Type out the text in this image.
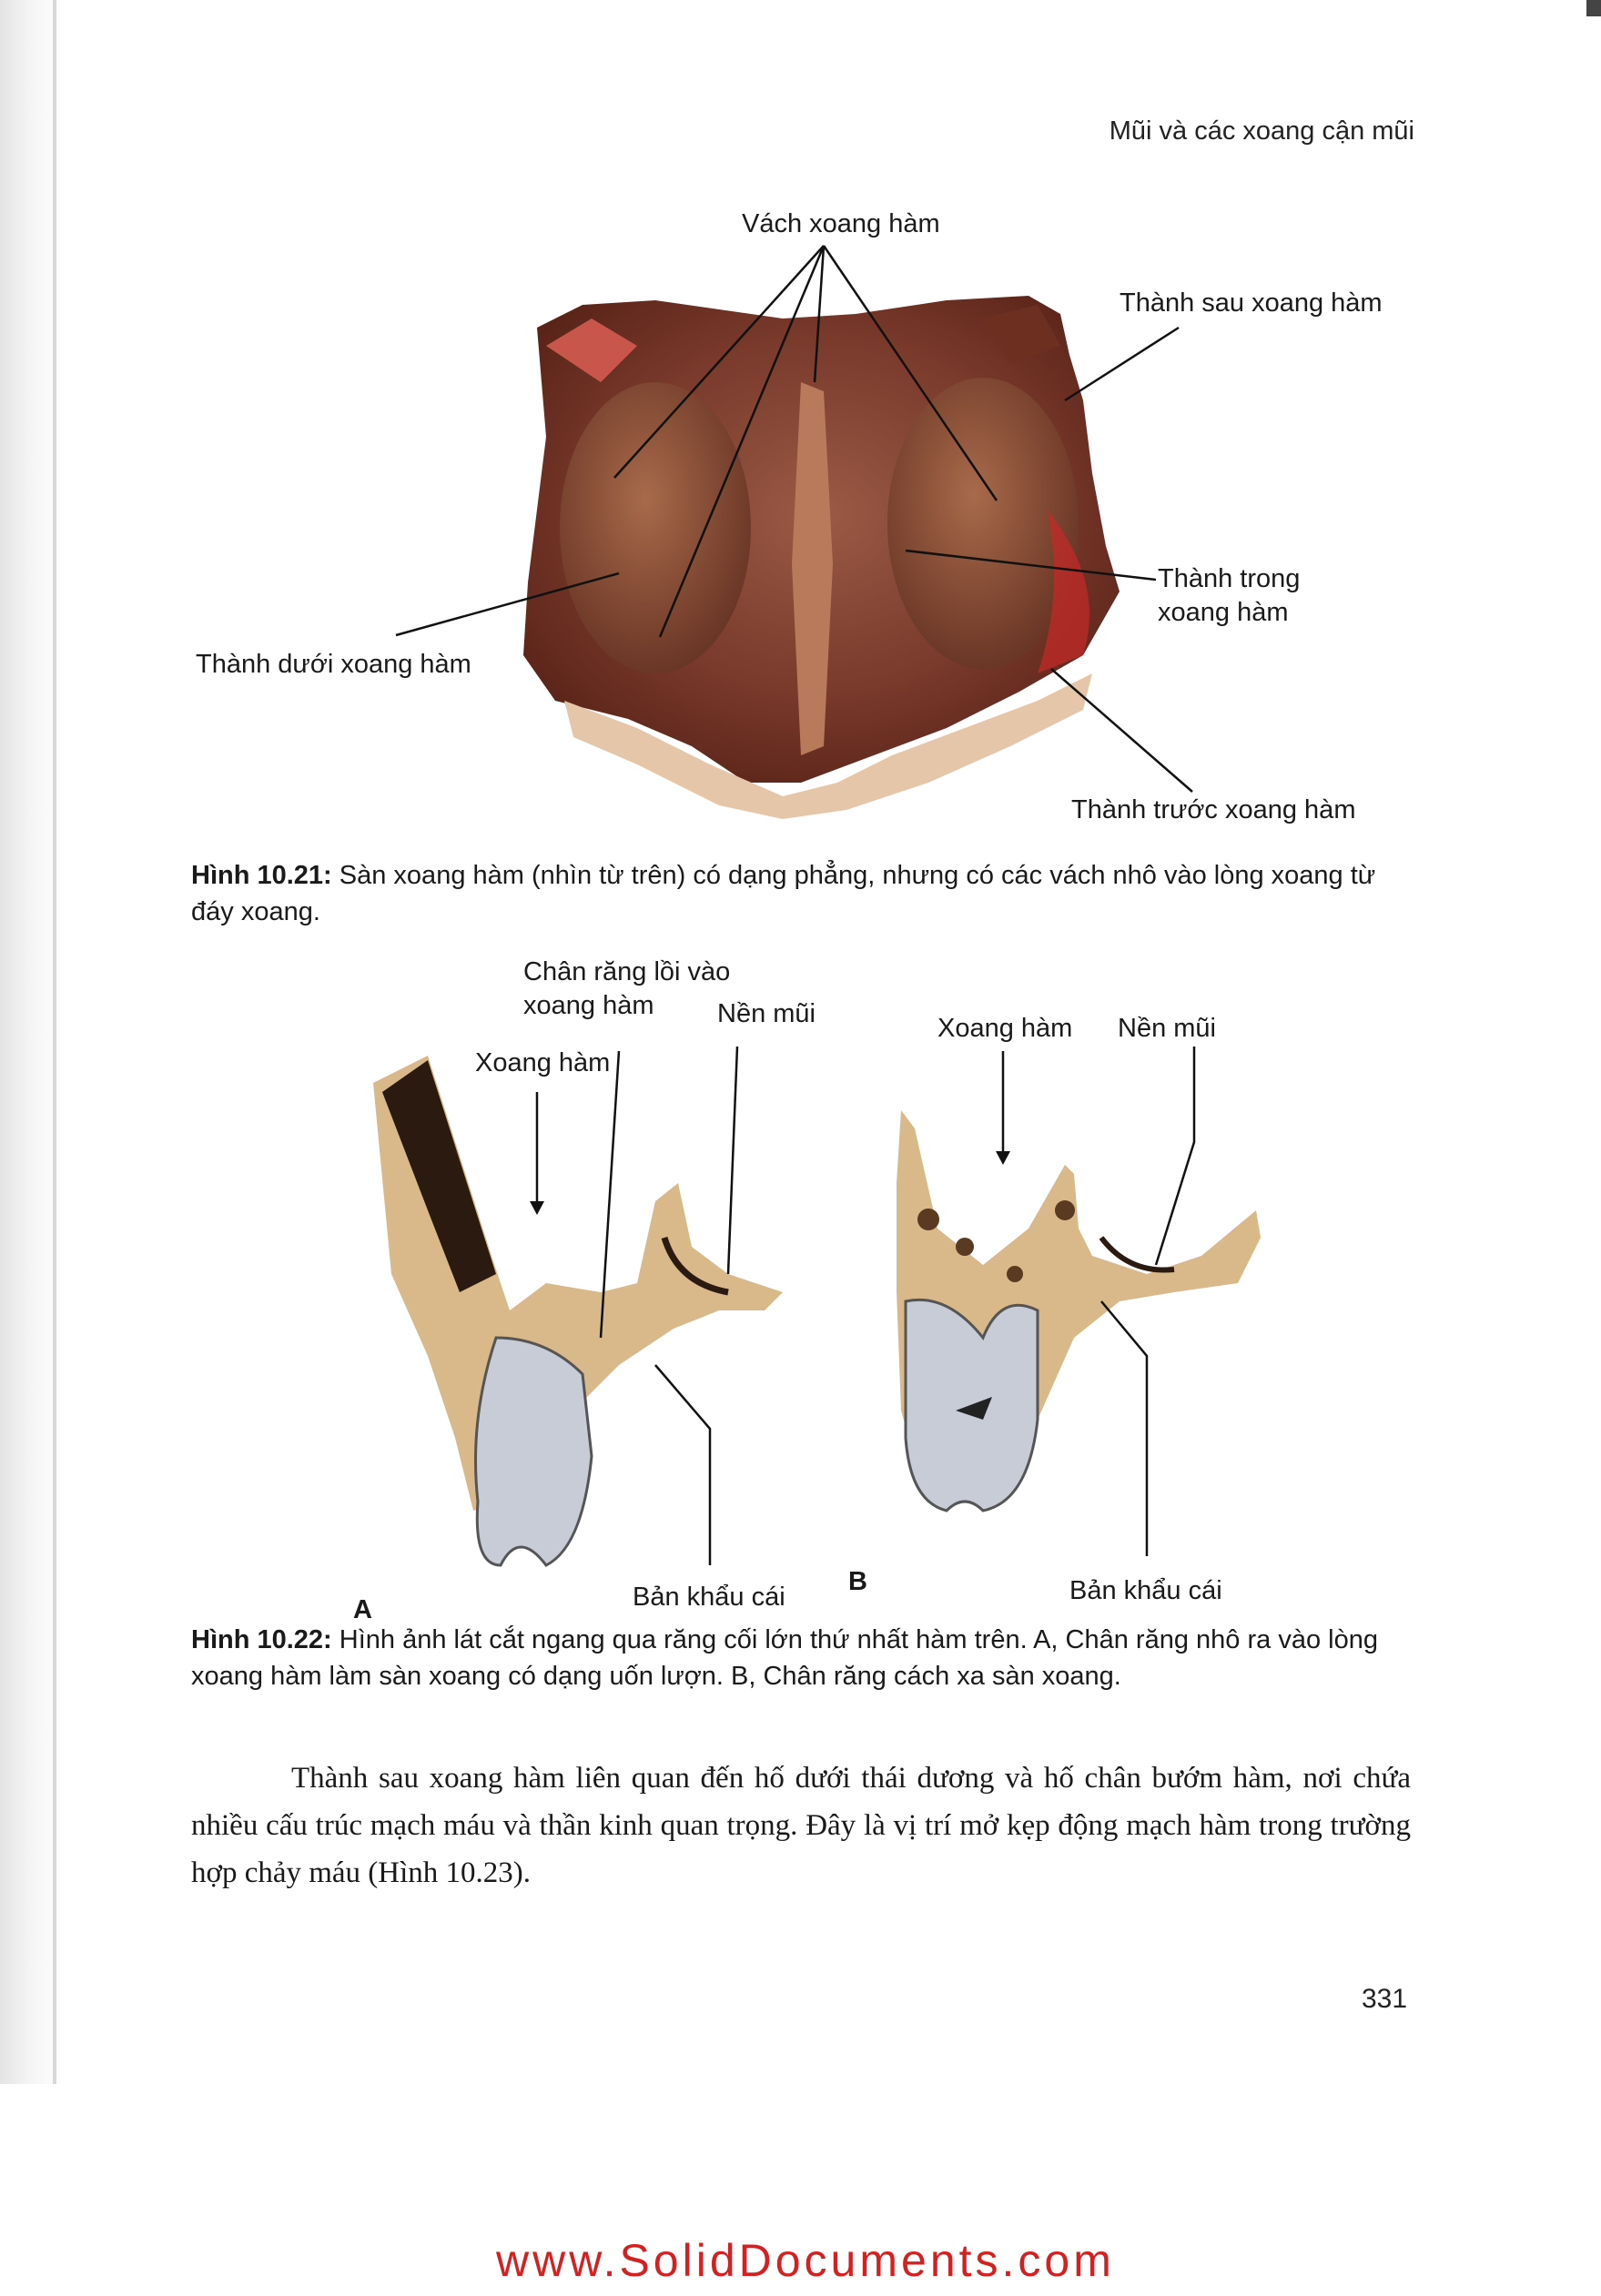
Mũi và các xoang cận mũi
Vách xoang hàm
Thành sau xoang hàm
Thành trong
xoang hàm
Thành dưới xoang hàm
Thành trước xoang hàm
Hình 10.21: Sàn xoang hàm (nhìn từ trên) có dạng phẳng, nhưng có các vách nhô vào lòng xoang từ đáy xoang.
Chân răng lồi vào
xoang hàm
Xoang hàm
Nền mũi	Xoang hàm Nền mũi
Bản khẩu cái	Bản khẩu cái
A
B
Hình 10.22: Hình ảnh lát cắt ngang qua răng cối lớn thứ nhất hàm trên. A, Chân răng nhô ra vào lòng xoang hàm làm sàn xoang có dạng uốn lượn. B, Chân răng cách xa sàn xoang.
Thành sau xoang hàm liên quan đến hố dưới thái dương và hố chân bướm hàm, nơi chứa nhiều cấu trúc mạch máu và thần kinh quan trọng. Đây là vị trí mở kẹp động mạch hàm trong trường hợp chảy máu (Hình 10.23).
331
www.SolidDocuments.com
